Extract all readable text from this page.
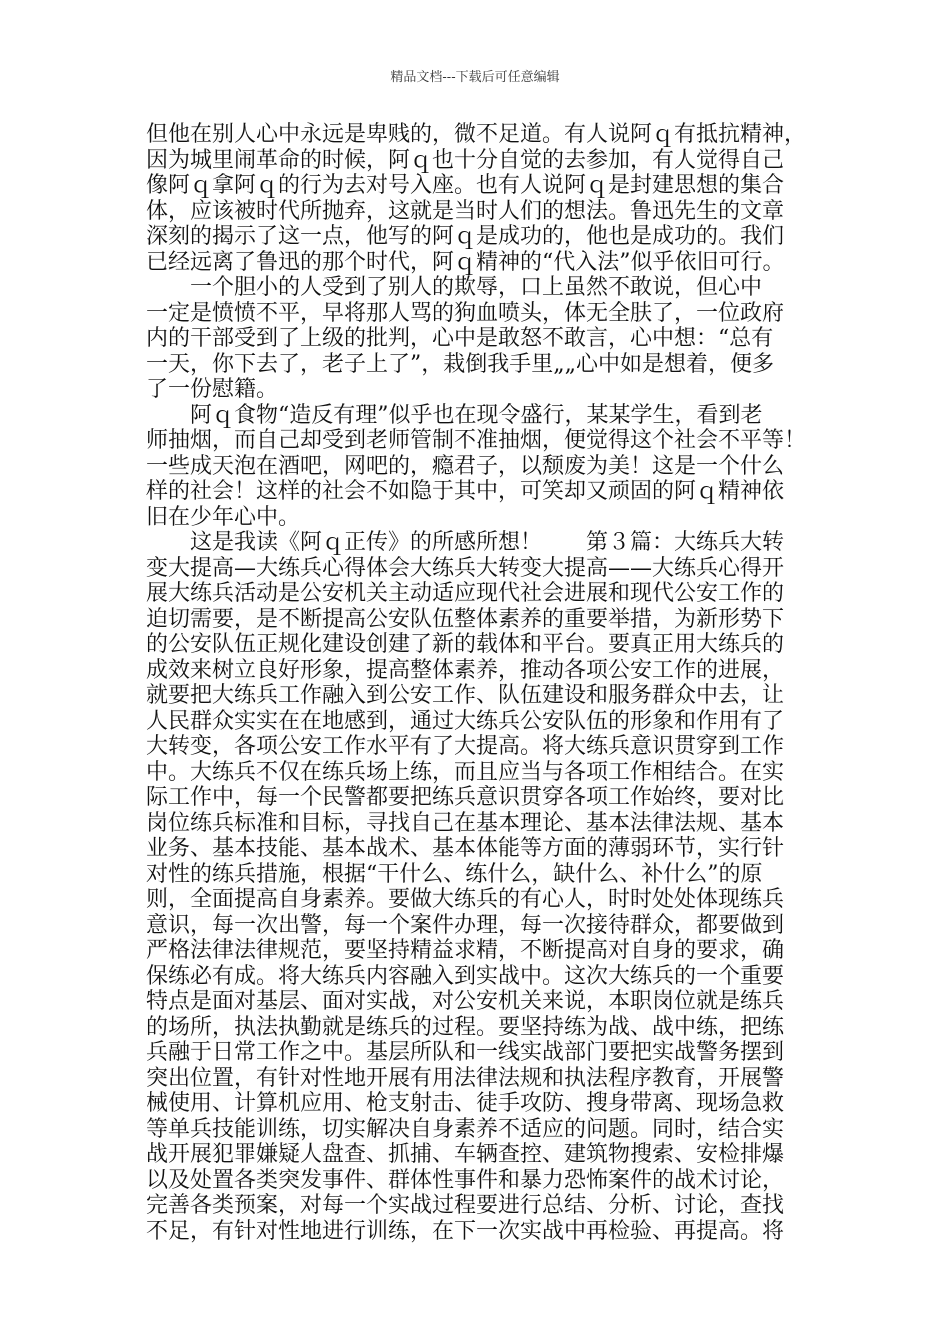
精品文档---下载后可任意编辑
但他在别人心中永远是卑贱的，微不足道。有人说阿ｑ有抵抗精神，
因为城里闹革命的时候，阿ｑ也十分自觉的去参加，有人觉得自己
像阿ｑ拿阿ｑ的行为去对号入座。也有人说阿ｑ是封建思想的集合
体，应该被时代所抛弃，这就是当时人们的想法。鲁迅先生的文章
深刻的揭示了这一点，他写的阿ｑ是成功的，他也是成功的。我们
已经远离了鲁迅的那个时代，阿ｑ精神的“代入法”似乎依旧可行。
　　一个胆小的人受到了别人的欺辱，口上虽然不敢说，但心中
一定是愤愤不平，早将那人骂的狗血喷头，体无全肤了，一位政府
内的干部受到了上级的批判，心中是敢怒不敢言，心中想：“总有
一天，你下去了，老子上了”，栽倒我手里„„心中如是想着，便多
了一份慰籍。
　　阿ｑ食物“造反有理”似乎也在现令盛行，某某学生，看到老
师抽烟，而自己却受到老师管制不准抽烟，便觉得这个社会不平等！
一些成天泡在酒吧，网吧的，瘾君子，以颓废为美！这是一个什么
样的社会！这样的社会不如隐于其中，可笑却又顽固的阿ｑ精神依
旧在少年心中。
　　这是我读《阿ｑ正传》的所感所想！　　第３篇：大练兵大转
变大提高—大练兵心得体会大练兵大转变大提高——大练兵心得开
展大练兵活动是公安机关主动适应现代社会进展和现代公安工作的
迫切需要，是不断提高公安队伍整体素养的重要举措，为新形势下
的公安队伍正规化建设创建了新的载体和平台。要真正用大练兵的
成效来树立良好形象，提高整体素养，推动各项公安工作的进展，
就要把大练兵工作融入到公安工作、队伍建设和服务群众中去，让
人民群众实实在在地感到，通过大练兵公安队伍的形象和作用有了
大转变，各项公安工作水平有了大提高。将大练兵意识贯穿到工作
中。大练兵不仅在练兵场上练，而且应当与各项工作相结合。在实
际工作中，每一个民警都要把练兵意识贯穿各项工作始终，要对比
岗位练兵标准和目标，寻找自己在基本理论、基本法律法规、基本
业务、基本技能、基本战术、基本体能等方面的薄弱环节，实行针
对性的练兵措施，根据“干什么、练什么，缺什么、补什么”的原
则，全面提高自身素养。要做大练兵的有心人，时时处处体现练兵
意识，每一次出警，每一个案件办理，每一次接待群众，都要做到
严格法律法律规范，要坚持精益求精，不断提高对自身的要求，确
保练必有成。将大练兵内容融入到实战中。这次大练兵的一个重要
特点是面对基层、面对实战，对公安机关来说，本职岗位就是练兵
的场所，执法执勤就是练兵的过程。要坚持练为战、战中练，把练
兵融于日常工作之中。基层所队和一线实战部门要把实战警务摆到
突出位置，有针对性地开展有用法律法规和执法程序教育，开展警
械使用、计算机应用、枪支射击、徒手攻防、搜身带离、现场急救
等单兵技能训练，切实解决自身素养不适应的问题。同时，结合实
战开展犯罪嫌疑人盘查、抓捕、车辆查控、建筑物搜索、安检排爆
以及处置各类突发事件、群体性事件和暴力恐怖案件的战术讨论，
完善各类预案，对每一个实战过程要进行总结、分析、讨论，查找
不足，有针对性地进行训练，在下一次实战中再检验、再提高。将
